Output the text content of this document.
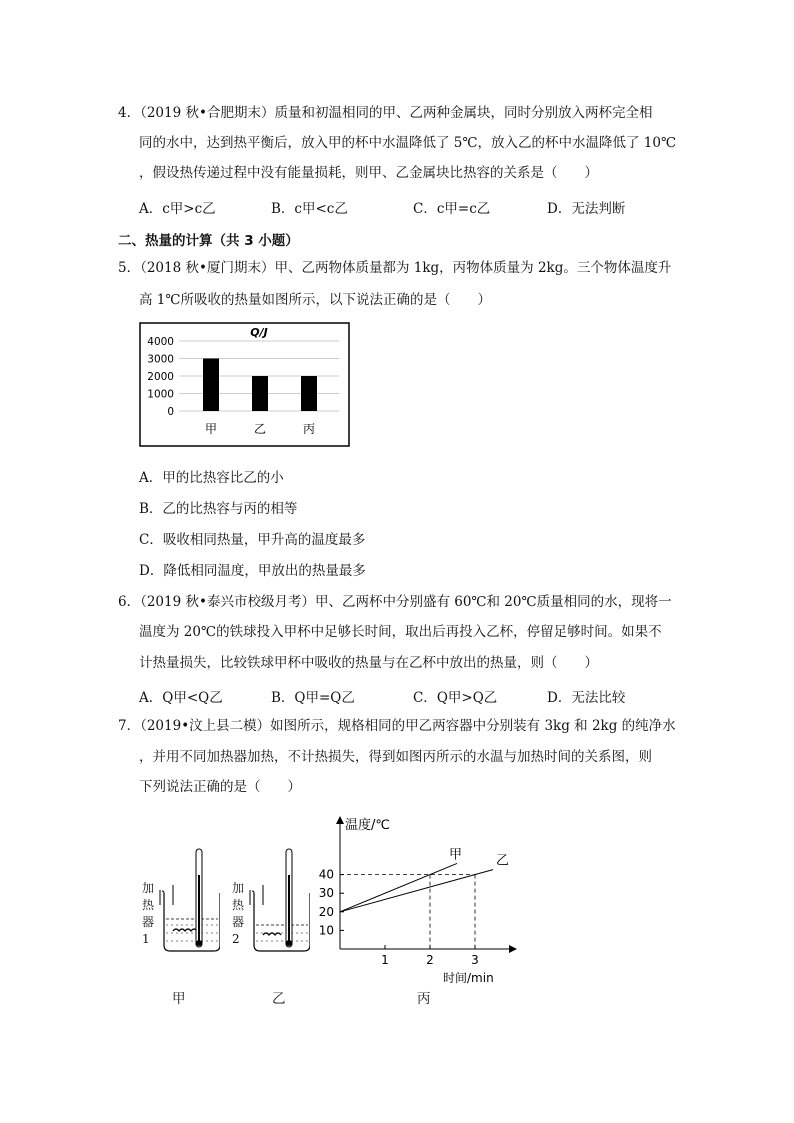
4．（2019 秋•合肥期末）质量和初温相同的甲、乙两种金属块，同时分别放入两杯完全相
同的水中，达到热平衡后，放入甲的杯中水温降低了 5℃，放入乙的杯中水温降低了 10℃
，假设热传递过程中没有能量损耗，则甲、乙金属块比热容的关系是（　　）
A．c甲>c乙	B．c甲<c乙	C．c甲=c乙	D．无法判断
二、热量的计算（共 3 小题）
5．（2018 秋•厦门期末）甲、乙两物体质量都为 1kg，丙物体质量为 2kg。三个物体温度升
高 1℃所吸收的热量如图所示，以下说法正确的是（　　）
Q/J
0
1000
2000
3000
4000
甲	乙	丙
A．甲的比热容比乙的小
B．乙的比热容与丙的相等
C．吸收相同热量，甲升高的温度最多
D．降低相同温度，甲放出的热量最多
6．（2019 秋•泰兴市校级月考）甲、乙两杯中分别盛有 60℃和 20℃质量相同的水，现将一
温度为 20℃的铁球投入甲杯中足够长时间，取出后再投入乙杯，停留足够时间。如果不
计热量损失，比较铁球甲杯中吸收的热量与在乙杯中放出的热量，则（　　）
A．Q甲<Q乙	B．Q甲=Q乙	C．Q甲>Q乙	D．无法比较
7．（2019•汶上县二模）如图所示，规格相同的甲乙两容器中分别装有 3kg 和 2kg 的纯净水
，并用不同加热器加热，不计热损失，得到如图丙所示的水温与加热时间的关系图，则
下列说法正确的是（　　）
加热器1
加热器2
甲	乙	丙
温度/℃
时间/min
10
20
30
40
1	2	3
甲	乙
